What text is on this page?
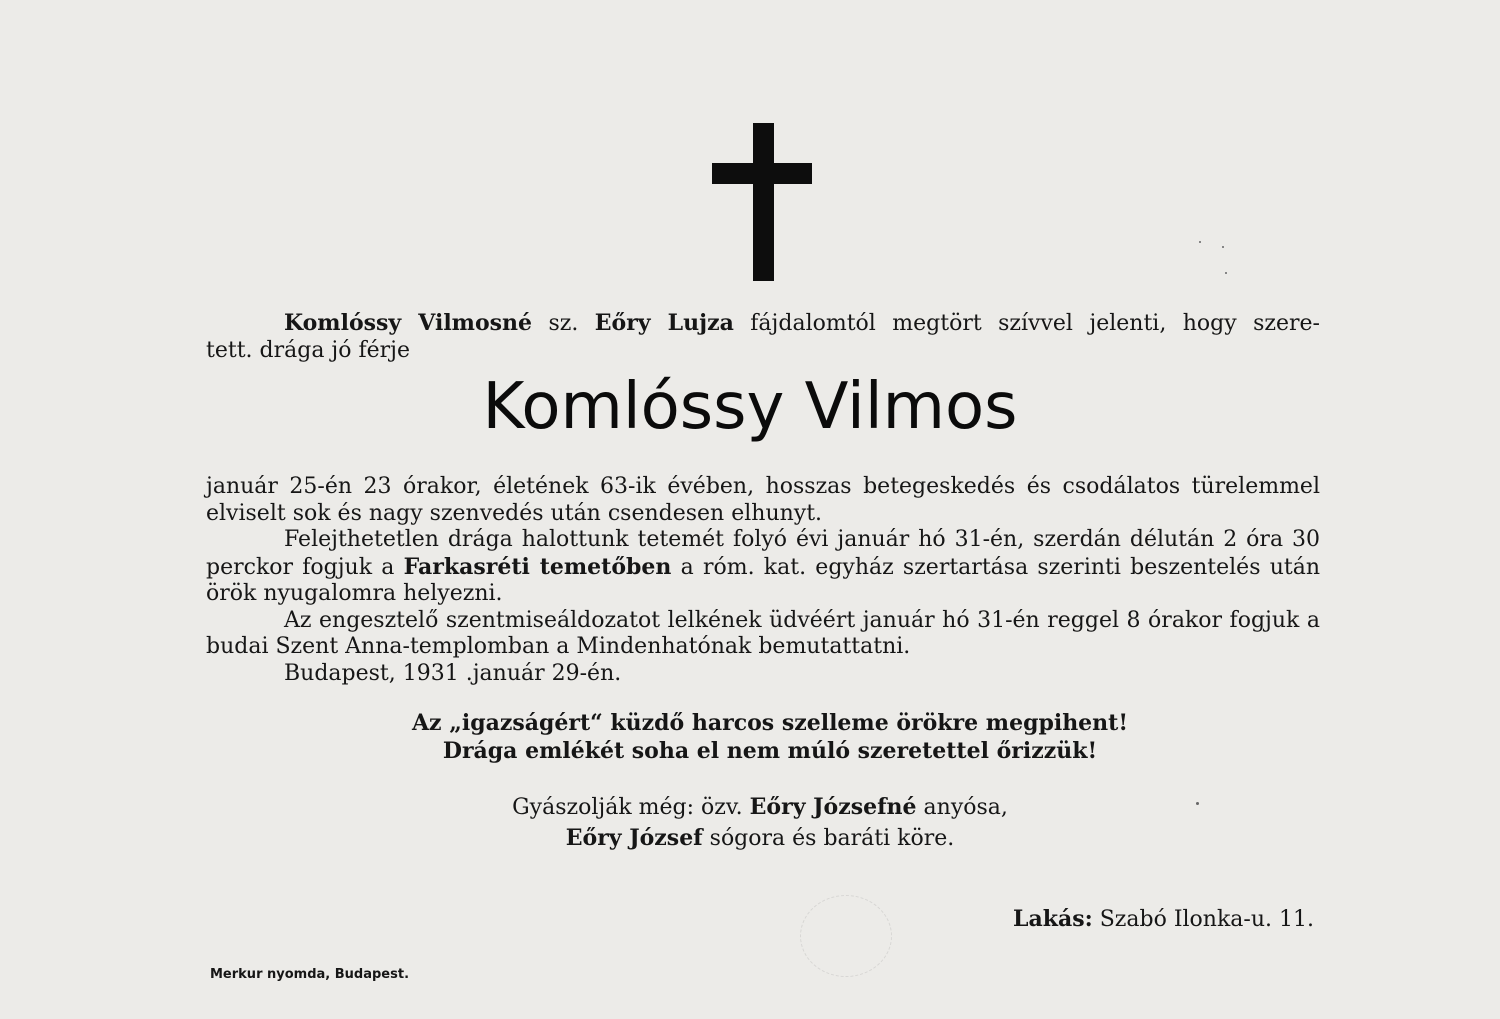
Komlóssy Vilmosné sz. Eőry Lujza fájdalomtól megtört szívvel jelenti, hogy szere-
tett. drága jó férje
Komlóssy Vilmos

január 25-én 23 órakor, életének 63-ik évében, hosszas betegeskedés és csodálatos türelemmel elviselt sok és nagy szenvedés után csendesen elhunyt.

Felejthetetlen drága halottunk tetemét folyó évi január hó 31-én, szerdán délután 2 óra 30 perckor fogjuk a Farkasréti temetőben a róm. kat. egyház szertartása szerinti beszentelés után örök nyugalomra helyezni.

Az engesztelő szentmiseáldozatot lelkének üdvéért január hó 31-én reggel 8 órakor fogjuk a budai Szent Anna-templomban a Mindenhatónak bemutattatni.

Budapest, 1931 .január 29-én.

Az „igazságért“ küzdő harcos szelleme örökre megpihent!
Drága emlékét soha el nem múló szeretettel őrizzük!
Gyászolják még: özv. Eőry Józsefné anyósa,
Eőry József sógora és baráti köre.
Lakás: Szabó Ilonka-u. 11.
Merkur nyomda, Budapest.
